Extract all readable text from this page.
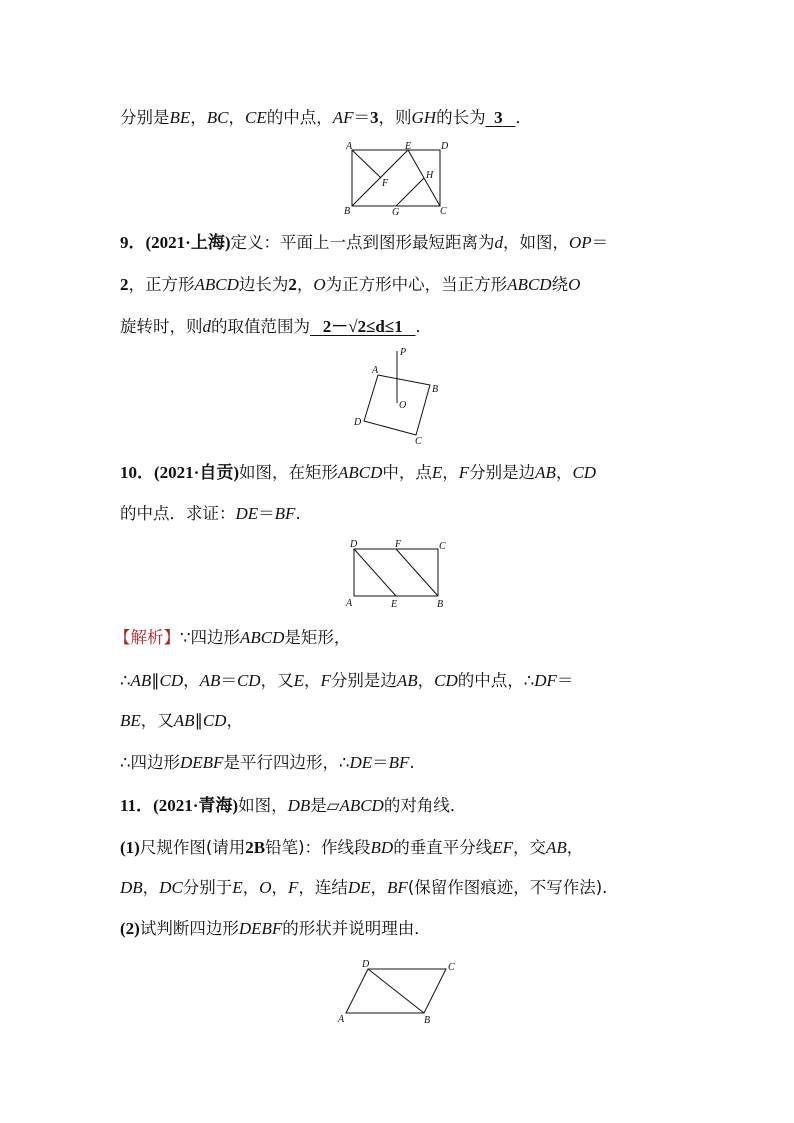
分别是BE，BC，CE的中点，AF＝3，则GH的长为 3 ．
A	E	D
F
H
B	G	C
9．(2021·上海)定义：平面上一点到图形最短距离为d，如图，OP＝
2，正方形ABCD边长为2，O为正方形中心，当正方形ABCD绕O
旋转时，则d的取值范围为 2－√2≤d≤1 ．
P
A
B
O
D
C
10．(2021·自贡)如图，在矩形ABCD中，点E，F分别是边AB，CD
的中点．求证：DE＝BF.
D	F	C
A	E	B
【解析】∵四边形ABCD是矩形，
∴AB∥CD，AB＝CD，又E，F分别是边AB，CD的中点，∴DF＝
BE，又AB∥CD，
∴四边形DEBF是平行四边形，∴DE＝BF.
11．(2021·青海)如图，DB是▱ABCD的对角线．
(1)尺规作图(请用2B铅笔)：作线段BD的垂直平分线EF，交AB，
DB，DC分别于E，O，F，连结DE，BF(保留作图痕迹，不写作法).
(2)试判断四边形DEBF的形状并说明理由．
D	C
A	B
